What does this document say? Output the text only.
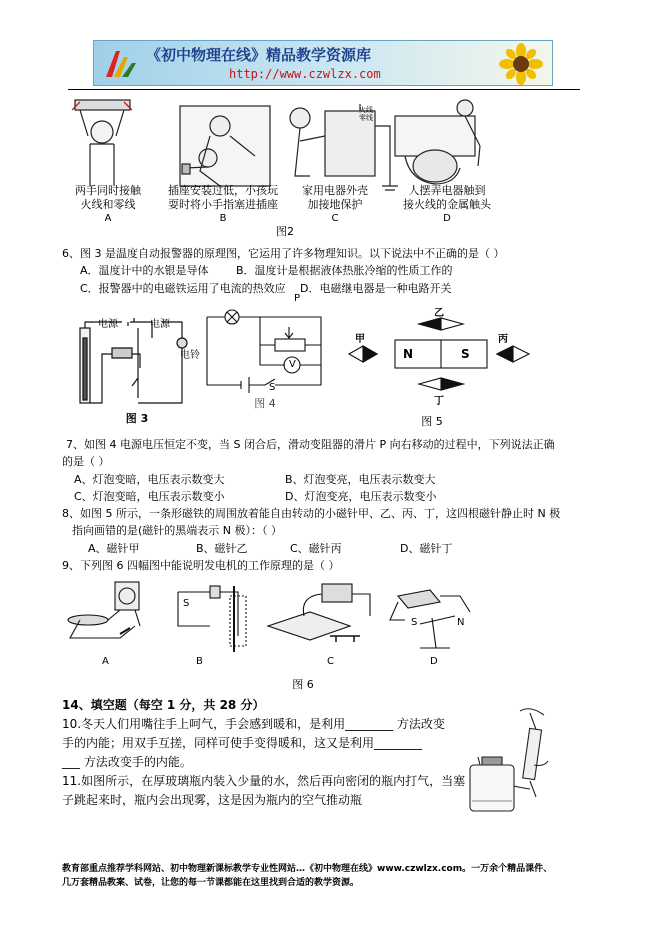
《初中物理在线》精品教学资源库
http://www.czwlzx.com
两手同时接触
火线和零线
A
插座安装过低，小孩玩
耍时将小手指塞进插座
B
家用电器外壳
加接地保护
C
火线零线
人摆弄电器触到
接火线的金属触头
D
图2
6、图 3 是温度自动报警器的原理图，它运用了许多物理知识。以下说法中不正确的是（ ）
A．温度计中的水银是导体 B．温度计是根据液体热胀冷缩的性质工作的
C．报警器中的电磁铁运用了电流的热效应 D．电磁继电器是一种电路开关
电源	电源
电铃
图 3
P
V
S
图 4
乙
甲	丙
丁
N	S
图 5
7、如图 4 电源电压恒定不变，当 S 闭合后，滑动变阻器的滑片 P 向右移动的过程中，下列说法正确
的是（ ）
A、灯泡变暗，电压表示数变大	B、灯泡变亮，电压表示数变大
C、灯泡变暗，电压表示数变小	D、灯泡变亮，电压表示数变小
8、如图 5 所示，一条形磁铁的周围放着能自由转动的小磁针甲、乙、丙、丁，这四根磁针静止时 N 极
指向画错的是(磁针的黑端表示 N 极）：（ ）
A、磁针甲	B、磁针乙	C、磁针丙	D、磁针丁
9、下列图 6 四幅图中能说明发电机的工作原理的是（ ）
S
S	N
A	B	C	D
图 6
14、填空题（每空 1 分，共 28 分）
10.冬天人们用嘴往手上呵气，手会感到暖和，是利用________ 方法改变
手的内能；用双手互搓，同样可使手变得暖和，这又是利用________
___ 方法改变手的内能。
11.如图所示，在厚玻璃瓶内装入少量的水，然后再向密闭的瓶内打气，当塞
子跳起来时，瓶内会出现雾，这是因为瓶内的空气推动瓶
教育部重点推荐学科网站、初中物理新课标教学专业性网站…《初中物理在线》www.czwlzx.com。一万余个精品课件、
几万套精品教案、试卷，让您的每一节课都能在这里找到合适的教学资源。
